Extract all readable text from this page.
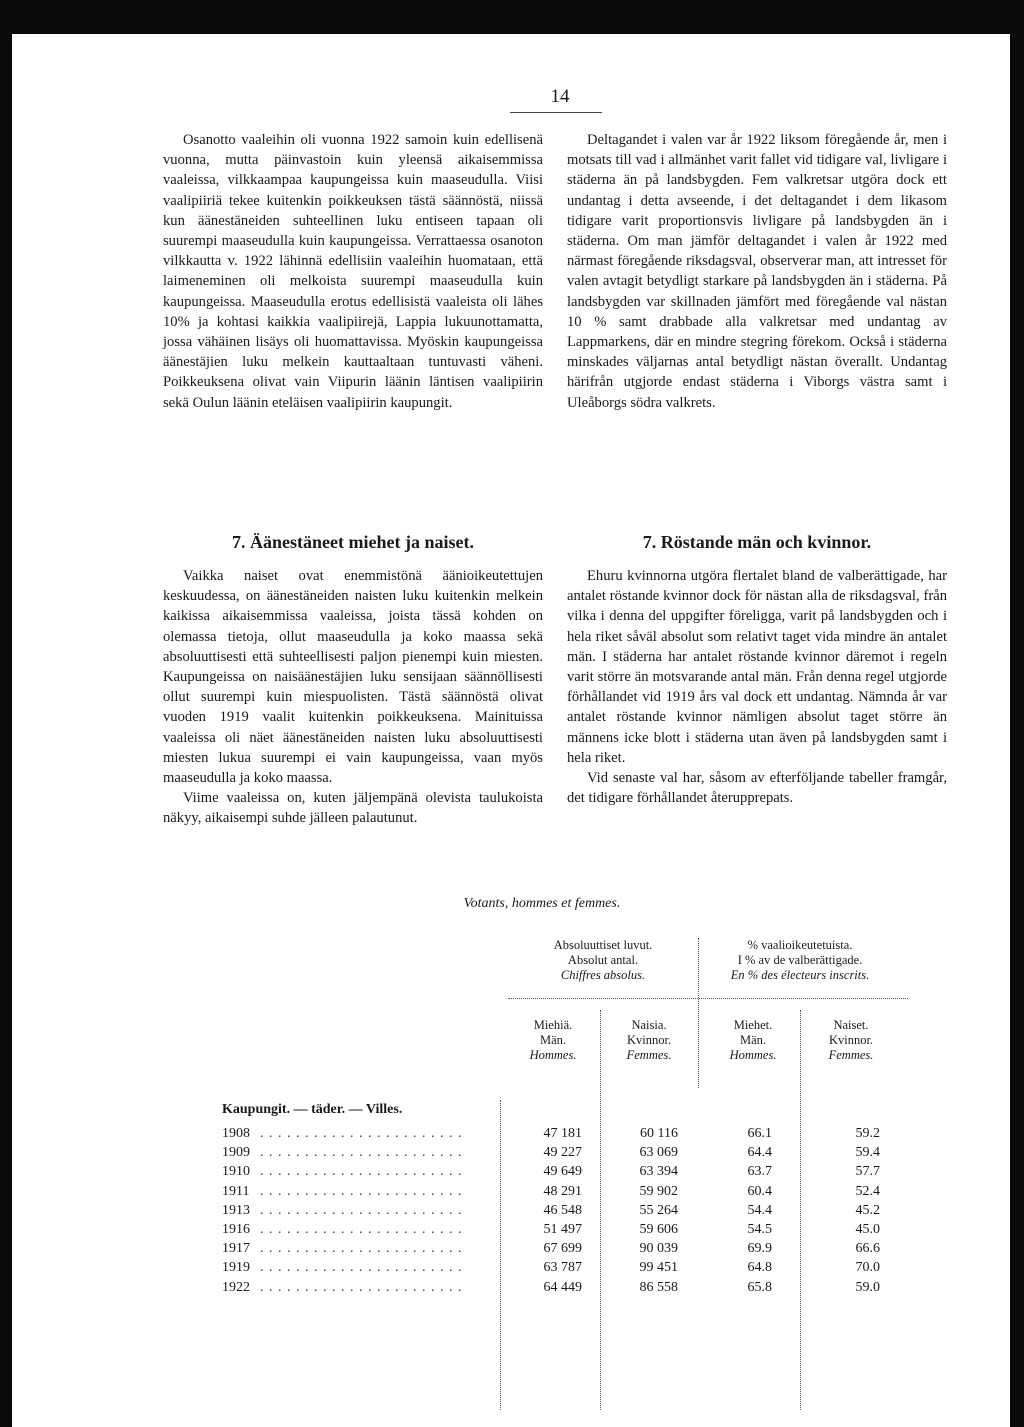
14

Osanotto vaaleihin oli vuonna 1922 samoin kuin edellisenä vuonna, mutta päinvastoin kuin yleensä aikaisemmissa vaaleissa, vilkkaampaa kaupungeissa kuin maaseudulla. Viisi vaalipiiriä tekee kuitenkin poikkeuksen tästä säännöstä, niissä kun äänestäneiden suhteellinen luku entiseen tapaan oli suurempi maaseudulla kuin kaupungeissa. Verrattaessa osanoton vilkkautta v. 1922 lähinnä edellisiin vaaleihin huomataan, että laimeneminen oli melkoista suurempi maaseudulla kuin kaupungeissa. Maaseudulla erotus edellisistä vaaleista oli lähes 10% ja kohtasi kaikkia vaalipiirejä, Lappia lukuunottamatta, jossa vähäinen lisäys oli huomattavissa. Myöskin kaupungeissa äänestäjien luku melkein kauttaaltaan tuntuvasti väheni. Poikkeuksena olivat vain Viipurin läänin läntisen vaalipiirin sekä Oulun läänin eteläisen vaalipiirin kaupungit.

Deltagandet i valen var år 1922 liksom föregående år, men i motsats till vad i allmänhet varit fallet vid tidigare val, livligare i städerna än på landsbygden. Fem valkretsar utgöra dock ett undantag i detta avseende, i det deltagandet i dem likasom tidigare varit proportionsvis livligare på landsbygden än i städerna. Om man jämför deltagandet i valen år 1922 med närmast föregående riksdagsval, observerar man, att intresset för valen avtagit betydligt starkare på landsbygden än i städerna. På landsbygden var skillnaden jämfört med föregående val nästan 10 % samt drabbade alla valkretsar med undantag av Lappmarkens, där en mindre stegring förekom. Också i städerna minskades väljarnas antal betydligt nästan överallt. Undantag härifrån utgjorde endast städerna i Viborgs västra samt i Uleåborgs södra valkrets.

7. Äänestäneet miehet ja naiset.	7. Röstande män och kvinnor.

Vaikka naiset ovat enemmistönä äänioikeutettujen keskuudessa, on äänestäneiden naisten luku kuitenkin melkein kaikissa aikaisemmissa vaaleissa, joista tässä kohden on olemassa tietoja, ollut maaseudulla ja koko maassa sekä absoluuttisesti että suhteellisesti paljon pienempi kuin miesten. Kaupungeissa on naisäänestäjien luku sensijaan säännöllisesti ollut suurempi kuin miespuolisten. Tästä säännöstä olivat vuoden 1919 vaalit kuitenkin poikkeuksena. Mainituissa vaaleissa oli näet äänestäneiden naisten luku absoluuttisesti miesten lukua suurempi ei vain kaupungeissa, vaan myös maaseudulla ja koko maassa.

Viime vaaleissa on, kuten jäljempänä olevista taulukoista näkyy, aikaisempi suhde jälleen palautunut.

Ehuru kvinnorna utgöra flertalet bland de valberättigade, har antalet röstande kvinnor dock för nästan alla de riksdagsval, från vilka i denna del uppgifter föreligga, varit på landsbygden och i hela riket såväl absolut som relativt taget vida mindre än antalet män. I städerna har antalet röstande kvinnor däremot i regeln varit större än motsvarande antal män. Från denna regel utgjorde förhållandet vid 1919 års val dock ett undantag. Nämnda år var antalet röstande kvinnor nämligen absolut taget större än männens icke blott i städerna utan även på landsbygden samt i hela riket.

Vid senaste val har, såsom av efterföljande tabeller framgår, det tidigare förhållandet återupprepats.

Votants, hommes et femmes.
Absoluuttiset luvut.
Absolut antal.
Chiffres absolus.
% vaalioikeutetuista.
I % av de valberättigade.
En % des électeurs inscrits.
Miehiä.
Män.
Hommes.
Naisia.
Kvinnor.
Femmes.
Miehet.
Män.
Hommes.
Naiset.
Kvinnor.
Femmes.
Kaupungit. — täder. — Villes.
1908	47 181	60 116	66.1	59.2
. . . . . . . . . . . . . . . . . . . . . . .
1909	49 227	63 069	64.4	59.4
. . . . . . . . . . . . . . . . . . . . . . .
1910	49 649	63 394	63.7	57.7
. . . . . . . . . . . . . . . . . . . . . . .
1911	48 291	59 902	60.4	52.4
. . . . . . . . . . . . . . . . . . . . . . .
1913	46 548	55 264	54.4	45.2
. . . . . . . . . . . . . . . . . . . . . . .
1916	51 497	59 606	54.5	45.0
. . . . . . . . . . . . . . . . . . . . . . .
1917	67 699	90 039	69.9	66.6
. . . . . . . . . . . . . . . . . . . . . . .
1919	63 787	99 451	64.8	70.0
. . . . . . . . . . . . . . . . . . . . . . .
1922	64 449	86 558	65.8	59.0
. . . . . . . . . . . . . . . . . . . . . . .
